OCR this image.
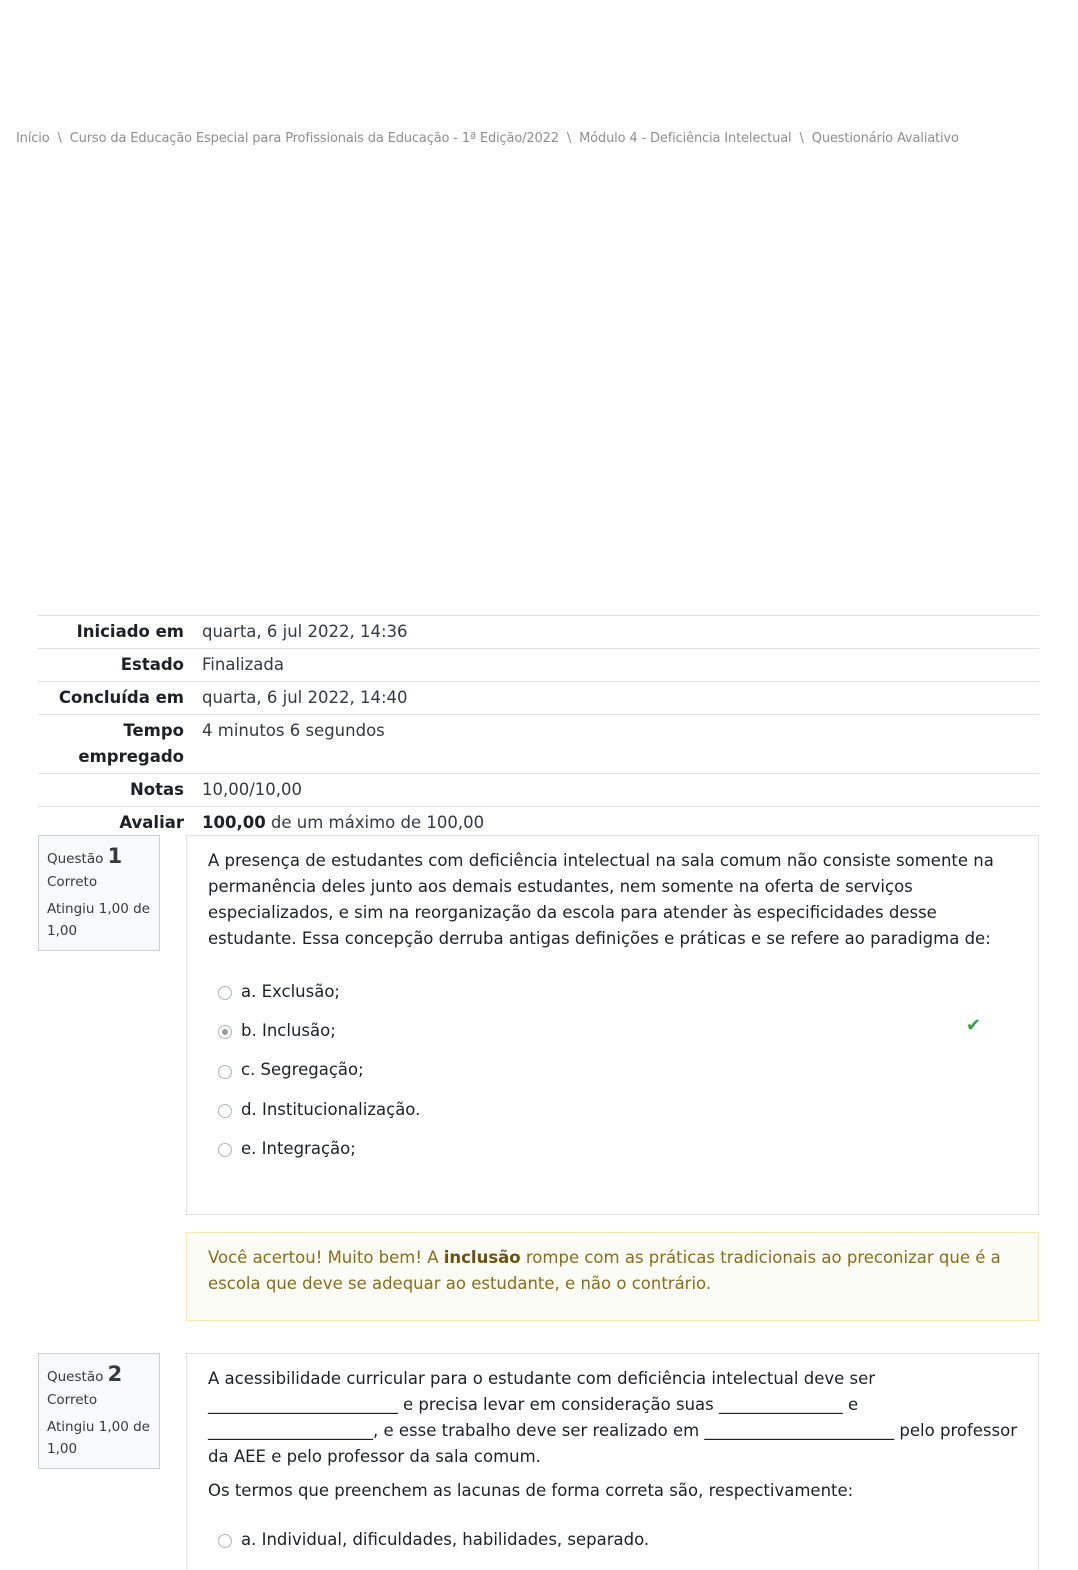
Início \ Curso da Educação Especial para Profissionais da Educação - 1ª Edição/2022 \ Módulo 4 - Deficiência Intelectual \ Questionário Avaliativo
Iniciado em	quarta, 6 jul 2022, 14:36
Estado	Finalizada
Concluída em	quarta, 6 jul 2022, 14:40
Tempo empregado	4 minutos 6 segundos
Notas	10,00/10,00
Avaliar	100,00 de um máximo de 100,00
Questão 1
Correto
Atingiu 1,00 de 1,00

A presença de estudantes com deficiência intelectual na sala comum não consiste somente na permanência deles junto aos demais estudantes, nem somente na oferta de serviços especializados, e sim na reorganização da escola para atender às especificidades desse estudante. Essa concepção derruba antigas definições e práticas e se refere ao paradigma de:

a. Exclusão;
b. Inclusão;	✔
c. Segregação;
d. Institucionalização.
e. Integração;
Você acertou! Muito bem! A inclusão rompe com as práticas tradicionais ao preconizar que é a escola que deve se adequar ao estudante, e não o contrário.
Questão 2
Correto
Atingiu 1,00 de 1,00

A acessibilidade curricular para o estudante com deficiência intelectual deve ser _______________________ e precisa levar em consideração suas _______________ e ____________________, e esse trabalho deve ser realizado em _______________________ pelo professor da AEE e pelo professor da sala comum.

Os termos que preenchem as lacunas de forma correta são, respectivamente:

a. Individual, dificuldades, habilidades, separado.
